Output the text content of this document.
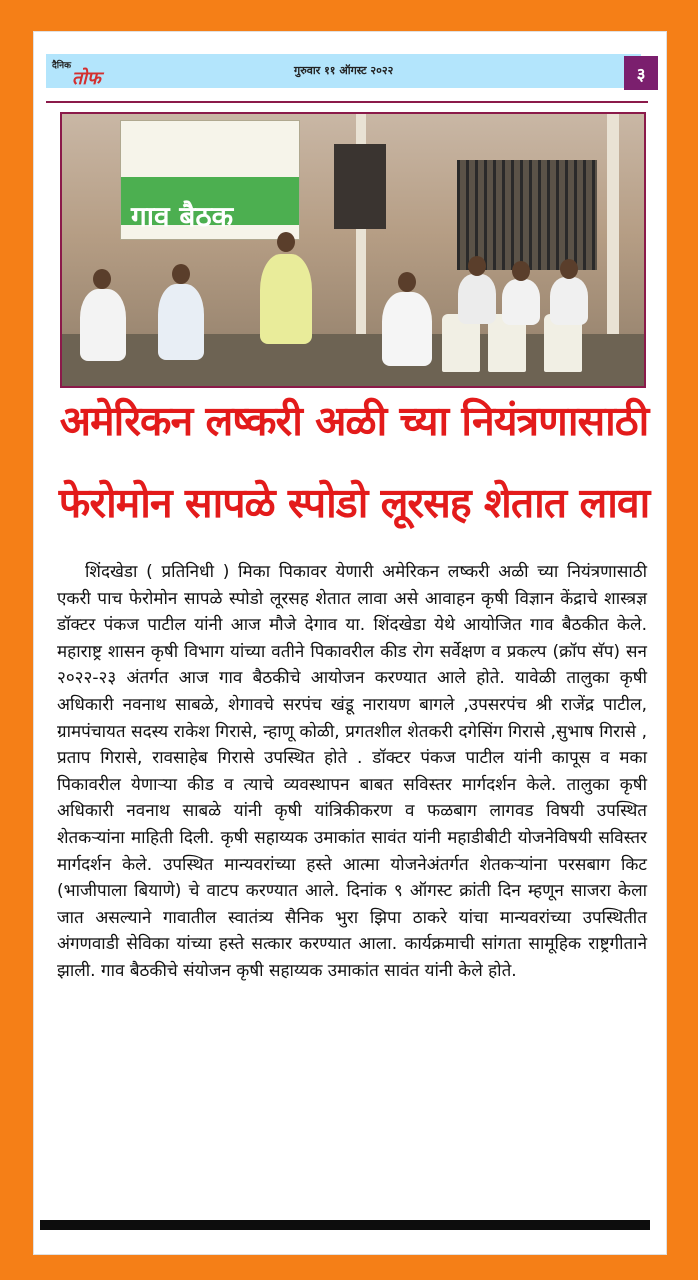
दैनिक
तोफ	गुरुवार ११ ऑगस्ट २०२२	३
गाव बैठक
अमेरिकन लष्करी अळी च्या नियंत्रणासाठी
फेरोमोन सापळे स्पोडो लूरसह शेतात लावा

शिंदखेडा ( प्रतिनिधी ) मिका पिकावर येणारी अमेरिकन लष्करी अळी च्या नियंत्रणासाठी एकरी पाच फेरोमोन सापळे स्पोडो लूरसह शेतात लावा असे आवाहन कृषी विज्ञान केंद्राचे शास्त्रज्ञ डॉक्टर पंकज पाटील यांनी आज मौजे देगाव या. शिंदखेडा येथे आयोजित गाव बैठकीत केले. महाराष्ट्र शासन कृषी विभाग यांच्या वतीने पिकावरील कीड रोग सर्वेक्षण व प्रकल्प (क्रॉप सॅप) सन २०२२-२३ अंतर्गत आज गाव बैठकीचे आयोजन करण्यात आले होते. यावेळी तालुका कृषी अधिकारी नवनाथ साबळे, शेगावचे सरपंच खंडू नारायण बागले ,उपसरपंच श्री राजेंद्र पाटील, ग्रामपंचायत सदस्य राकेश गिरासे, न्हाणू कोळी, प्रगतशील शेतकरी दगेसिंग गिरासे ,सुभाष गिरासे , प्रताप गिरासे, रावसाहेब गिरासे उपस्थित होते . डॉक्टर पंकज पाटील यांनी कापूस व मका पिकावरील येणाऱ्या कीड व त्याचे व्यवस्थापन बाबत सविस्तर मार्गदर्शन केले. तालुका कृषी अधिकारी नवनाथ साबळे यांनी कृषी यांत्रिकीकरण व फळबाग लागवड विषयी उपस्थित शेतकऱ्यांना माहिती दिली. कृषी सहाय्यक उमाकांत सावंत यांनी महाडीबीटी योजनेविषयी सविस्तर मार्गदर्शन केले. उपस्थित मान्यवरांच्या हस्ते आत्मा योजनेअंतर्गत शेतकऱ्यांना परसबाग किट (भाजीपाला बियाणे) चे वाटप करण्यात आले. दिनांक ९ ऑगस्ट क्रांती दिन म्हणून साजरा केला जात असल्याने गावातील स्वातंत्र्य सैनिक भुरा झिपा ठाकरे यांचा मान्यवरांच्या उपस्थितीत अंगणवाडी सेविका यांच्या हस्ते सत्कार करण्यात आला. कार्यक्रमाची सांगता सामूहिक राष्ट्रगीताने झाली. गाव बैठकीचे संयोजन कृषी सहाय्यक उमाकांत सावंत यांनी केले होते.
